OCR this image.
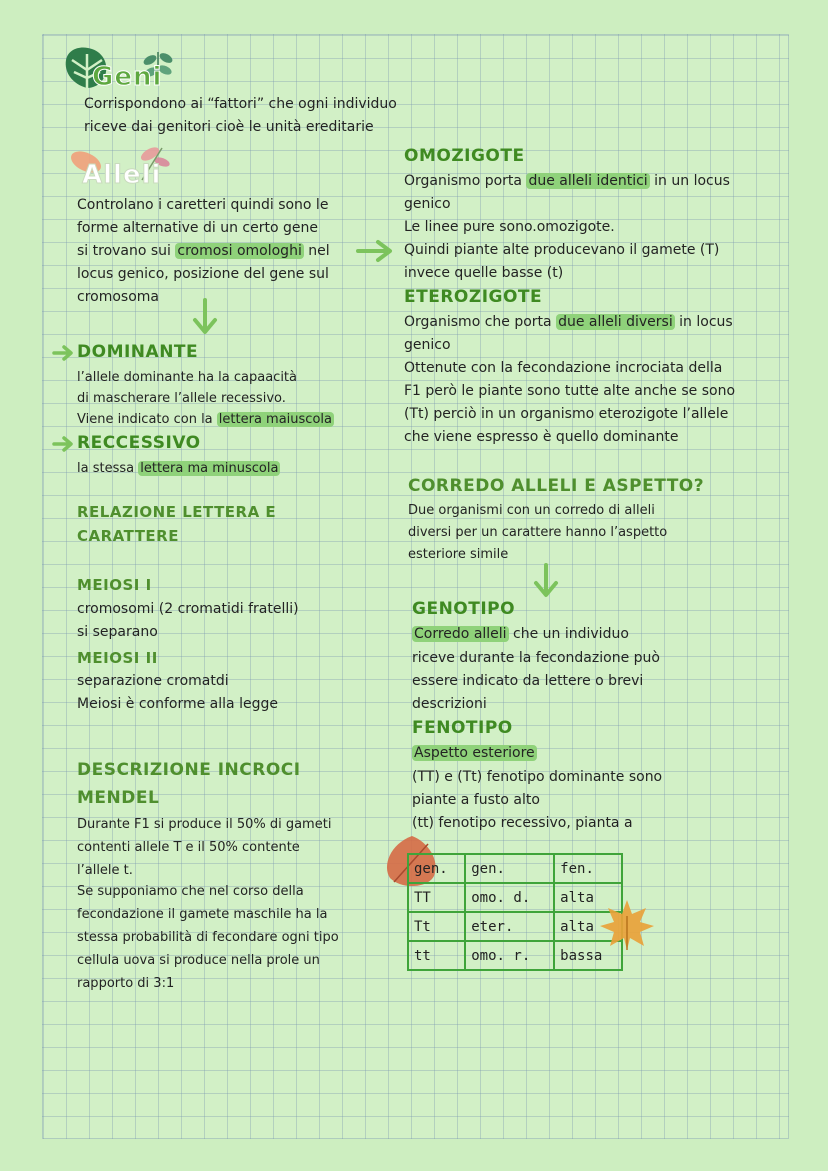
Geni
Corrispondono ai “fattori” che ogni individuo
riceve dai genitori cioè le unità ereditarie
Alleli
Controlano i caretteri quindi sono le
forme alternative di un certo gene
si trovano sui cromosi omologhi nel
locus genico, posizione del gene sul
cromosoma
DOMINANTE
l’allele dominante ha la capaacità
di mascherare l’allele recessivo.
Viene indicato con la lettera maiuscola
RECCESSIVO
la stessa lettera ma minuscola
RELAZIONE LETTERA E
CARATTERE
MEIOSI I
cromosomi (2 cromatidi fratelli)
si separano
MEIOSI II
separazione cromatdi
Meiosi è conforme alla legge
DESCRIZIONE INCROCI
MENDEL
Durante F1 si produce il 50% di gameti
contenti allele T e il 50% contente
l’allele t.
Se supponiamo che nel corso della
fecondazione il gamete maschile ha la
stessa probabilità di fecondare ogni tipo
cellula uova si produce nella prole un
rapporto di 3:1
OMOZIGOTE
Organismo porta due alleli identici in un locus
genico
Le linee pure sono.omozigote.
Quindi piante alte producevano il gamete (T)
invece quelle basse (t)
ETEROZIGOTE
Organismo che porta due alleli diversi in locus
genico
Ottenute con la fecondazione incrociata della
F1 però le piante sono tutte alte anche se sono
(Tt) perciò in un organismo eterozigote l’allele
che viene espresso è quello dominante
CORREDO ALLELI E ASPETTO?
Due organismi con un corredo di alleli
diversi per un carattere hanno l’aspetto
esteriore simile
GENOTIPO
Corredo alleli che un individuo
riceve durante la fecondazione può
essere indicato da lettere o brevi
descrizioni
FENOTIPO
Aspetto esteriore
(TT) e (Tt) fenotipo dominante sono
piante a fusto alto
(tt) fenotipo recessivo, pianta a
gen.	gen.	fen.
TT	omo. d.	alta
Tt	eter.	alta
tt	omo. r.	bassa
